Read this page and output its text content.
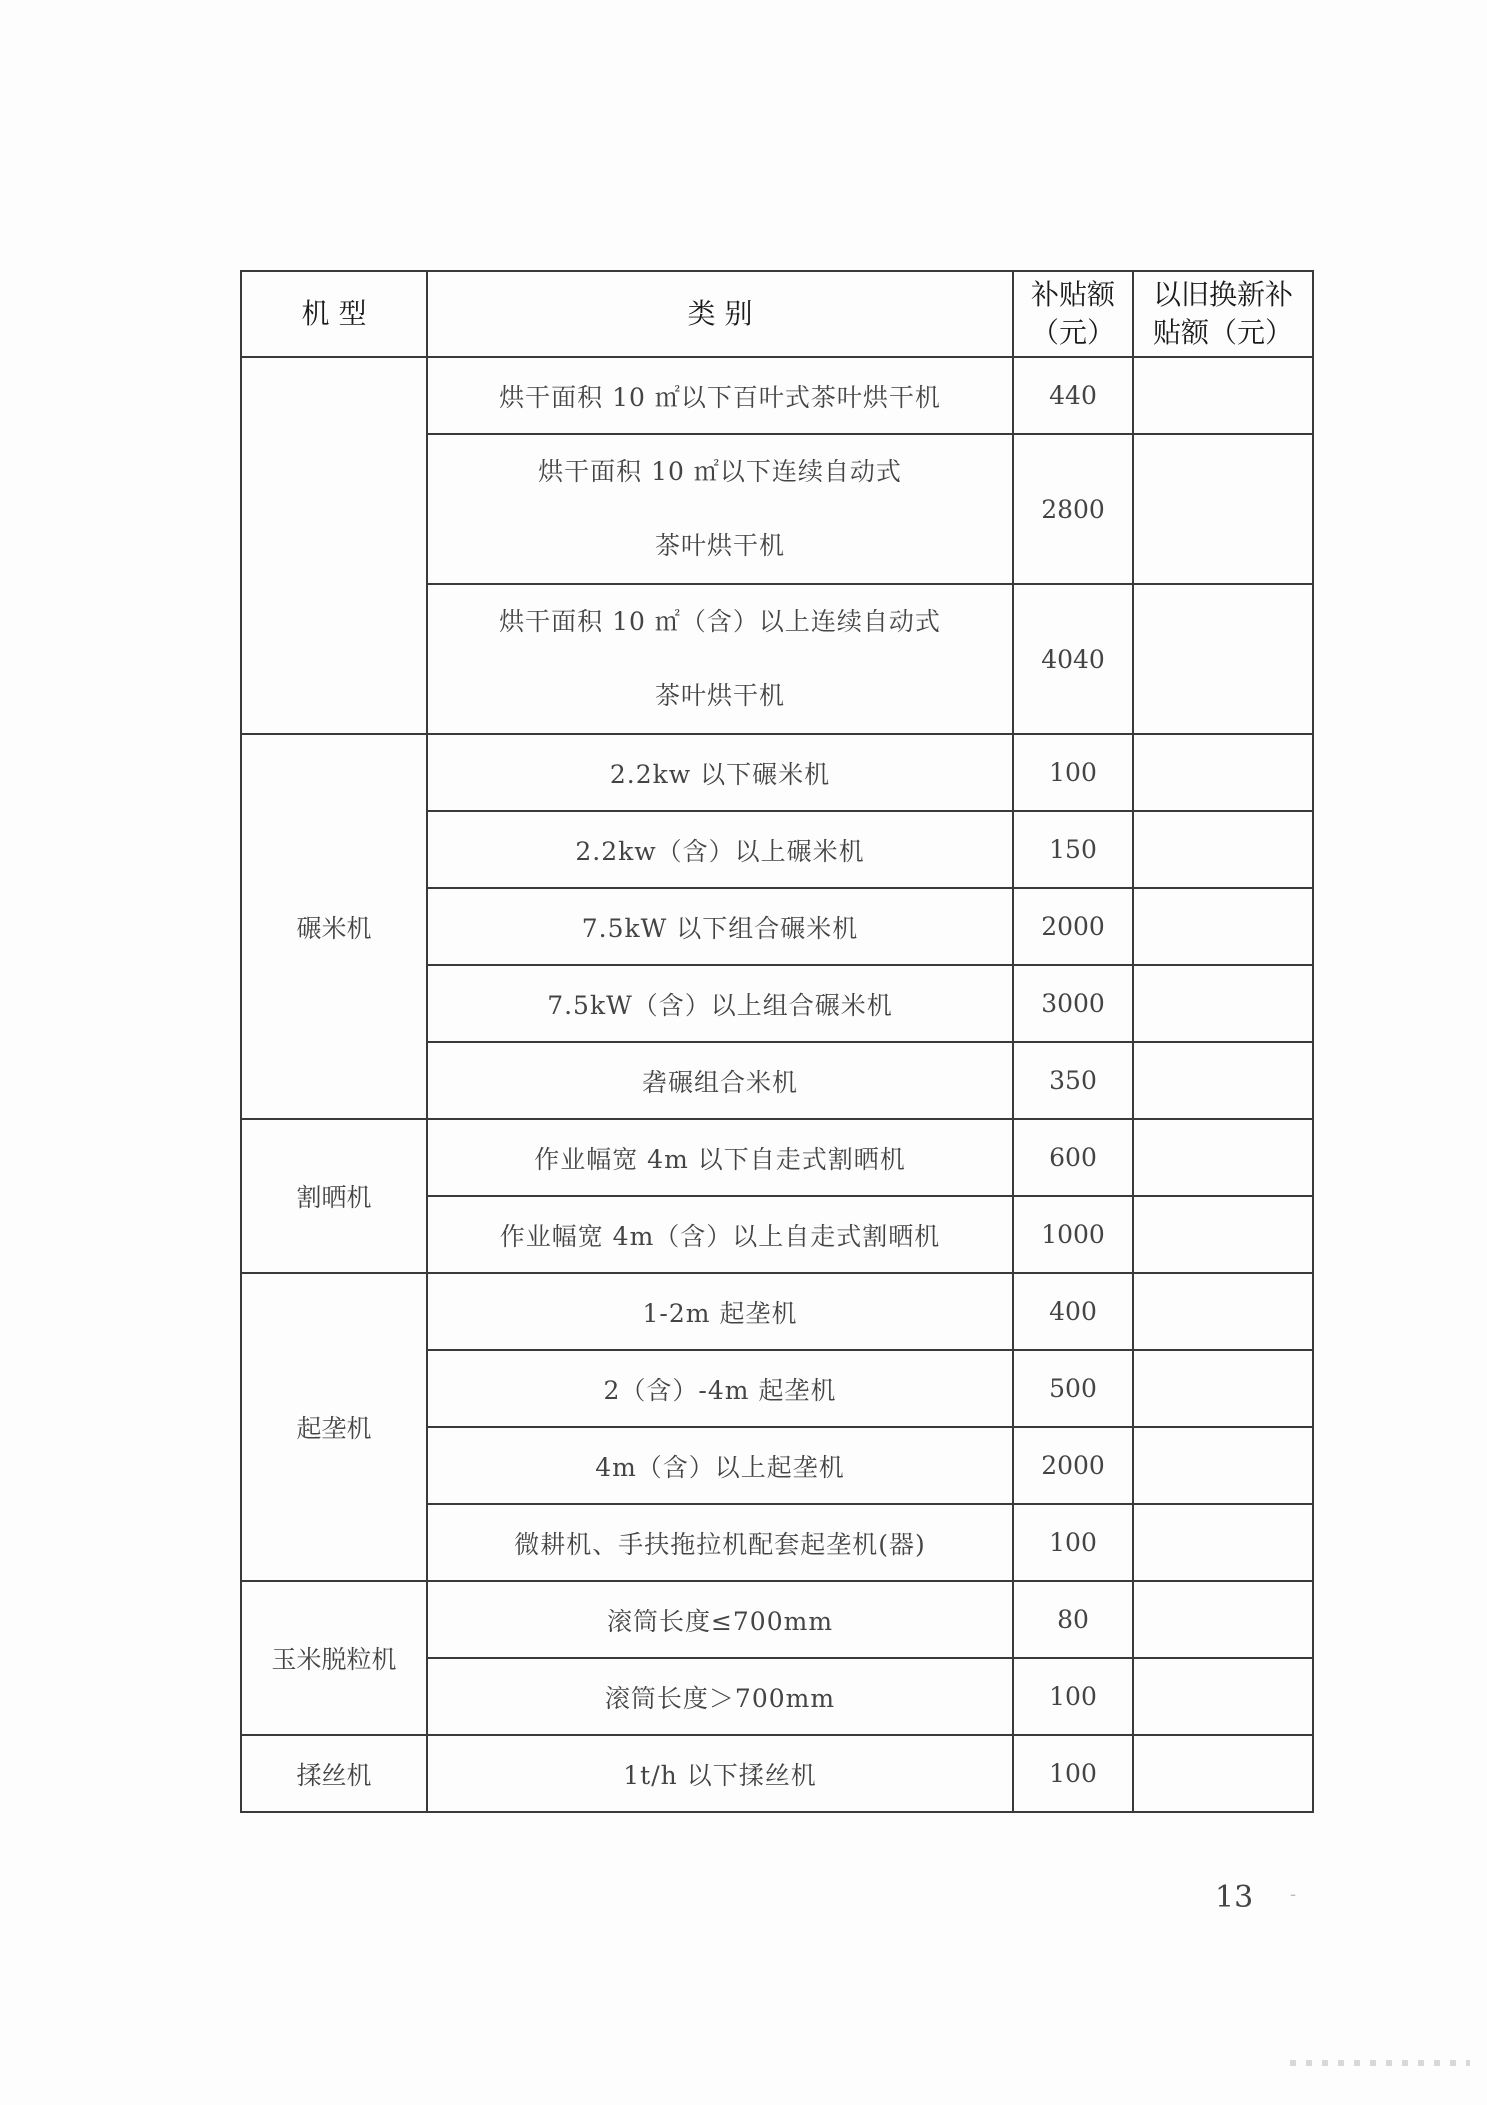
机 型	类 别	补贴额（元）	以旧换新补贴额（元）
	烘干面积 10 ㎡以下百叶式茶叶烘干机	440	

	烘干面积 10 ㎡以下连续自动式
茶叶烘干机	2800	

	烘干面积 10 ㎡（含）以上连续自动式
茶叶烘干机	4040	
碾米机	2.2kw 以下碾米机	100	
	2.2kw（含）以上碾米机	150	
	7.5kW 以下组合碾米机	2000	
	7.5kW（含）以上组合碾米机	3000	
	砻碾组合米机	350	
割晒机	作业幅宽 4m 以下自走式割晒机	600	
	作业幅宽 4m（含）以上自走式割晒机	1000	
起垄机	1-2m 起垄机	400	
	2（含）-4m 起垄机	500	
	4m（含）以上起垄机	2000	
	微耕机、手扶拖拉机配套起垄机(器)	100	
玉米脱粒机	滚筒长度≤700mm	80	
	滚筒长度＞700mm	100	
揉丝机	1t/h 以下揉丝机	100	
13 -
